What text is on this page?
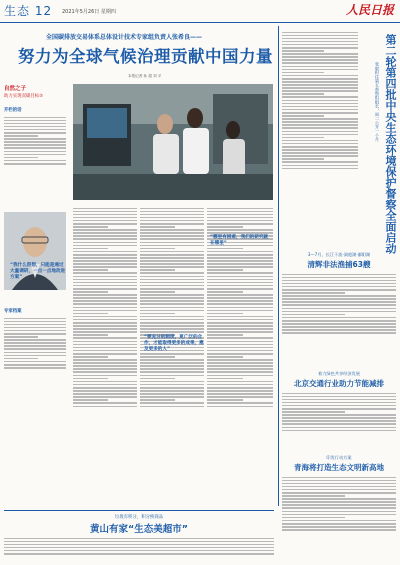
生态 12 2021年5月26日 星期四	人民日报
全国碳排放交易体系总体设计技术专家组负责人张希良——
努力为全球气候治理贡献中国力量
本报记者 孙 超 刘 平
自然之子
助力实现双碳目标⑤
开栏的话
专家档案
“我什么很想，只能是通过大量调研，一点一点地改进方案”
“要充分的制度，更广泛的合作，才能取得更多的成果，惠及更多的人”
“哪里有困难，我们的研究就在哪里”	第二轮第四批中央生态环境保护督察全面启动
张毅担任第五督察组组长，周二公开一个月
3—7月，长江干流·洞庭湖·鄱阳湖
清辉非法渔捕63艘
着力绿色共享经济发展
北京交通行业助力节能减排
印发行动方案
青海将打造生态文明新高地
垃圾有积分，积分换商品
黄山有家“生态美超市”
